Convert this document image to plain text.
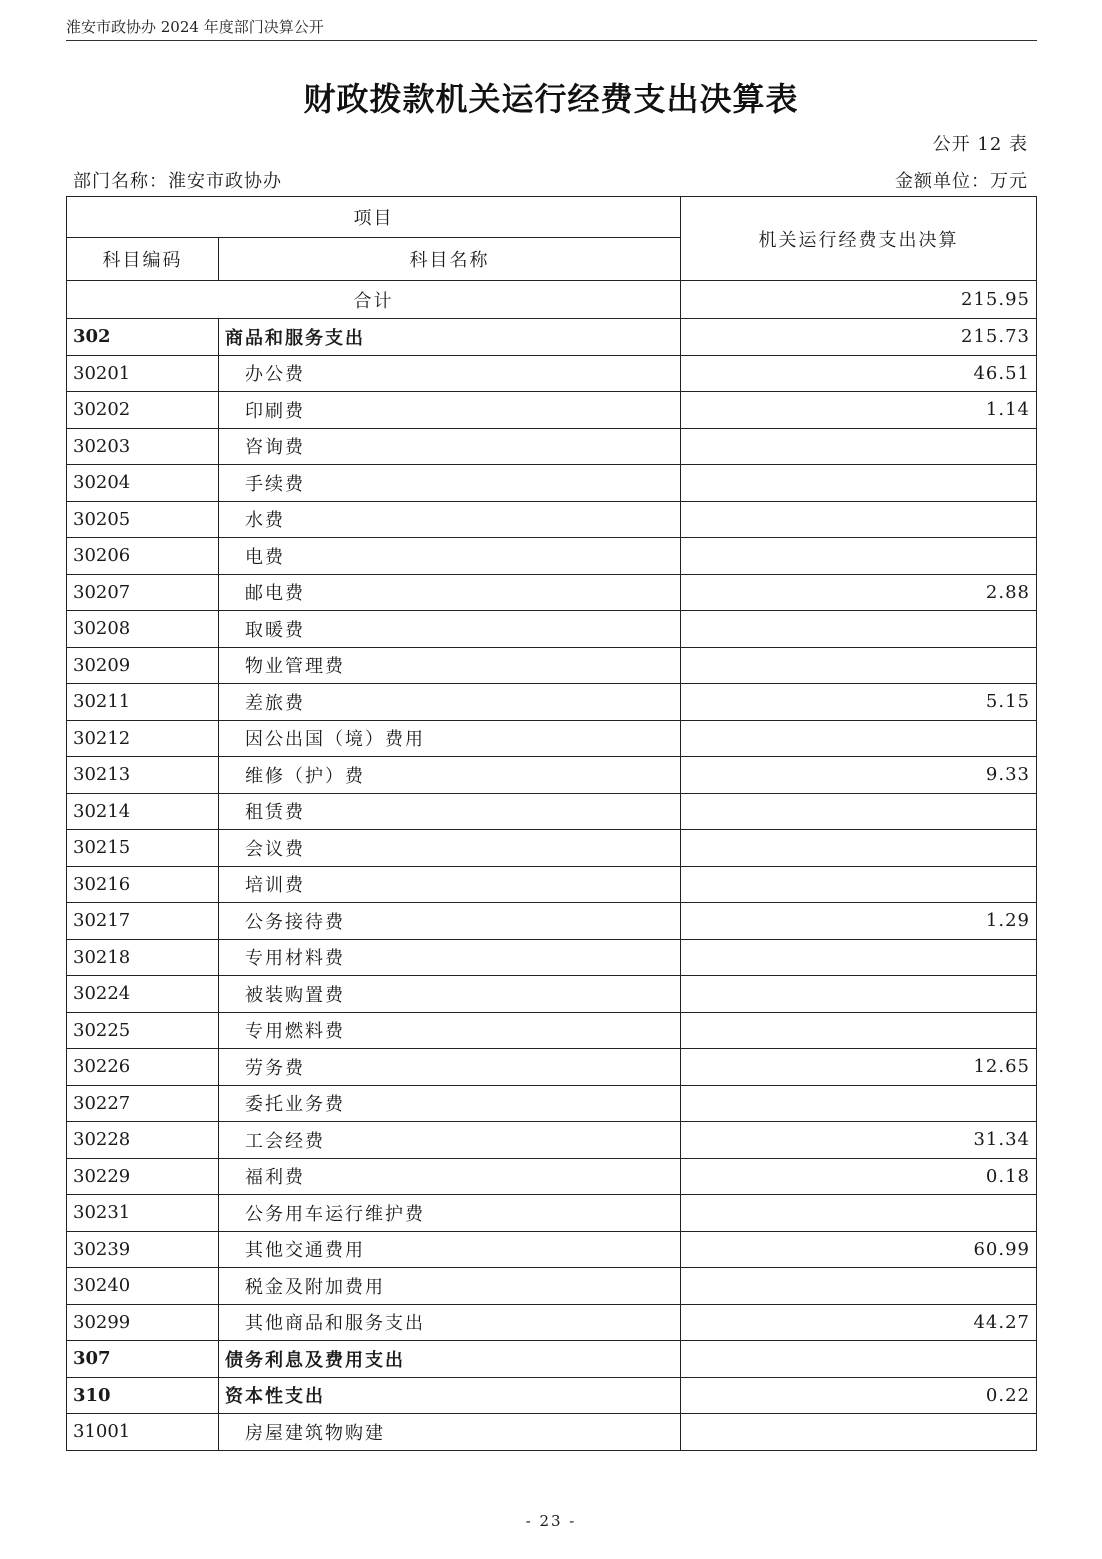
淮安市政协办 2024 年度部门决算公开
财政拨款机关运行经费支出决算表
公开 12 表
部门名称：淮安市政协办	金额单位：万元
项目		机关运行经费支出决算
科目编码	科目名称	
合计		215.95
302	商品和服务支出	215.73
30201	办公费	46.51
30202	印刷费	1.14
30203	咨询费	
30204	手续费	
30205	水费	
30206	电费	
30207	邮电费	2.88
30208	取暖费	
30209	物业管理费	
30211	差旅费	5.15
30212	因公出国（境）费用	
30213	维修（护）费	9.33
30214	租赁费	
30215	会议费	
30216	培训费	
30217	公务接待费	1.29
30218	专用材料费	
30224	被装购置费	
30225	专用燃料费	
30226	劳务费	12.65
30227	委托业务费	
30228	工会经费	31.34
30229	福利费	0.18
30231	公务用车运行维护费	
30239	其他交通费用	60.99
30240	税金及附加费用	
30299	其他商品和服务支出	44.27
307	债务利息及费用支出	
310	资本性支出	0.22
31001	房屋建筑物购建	
- 23 -
